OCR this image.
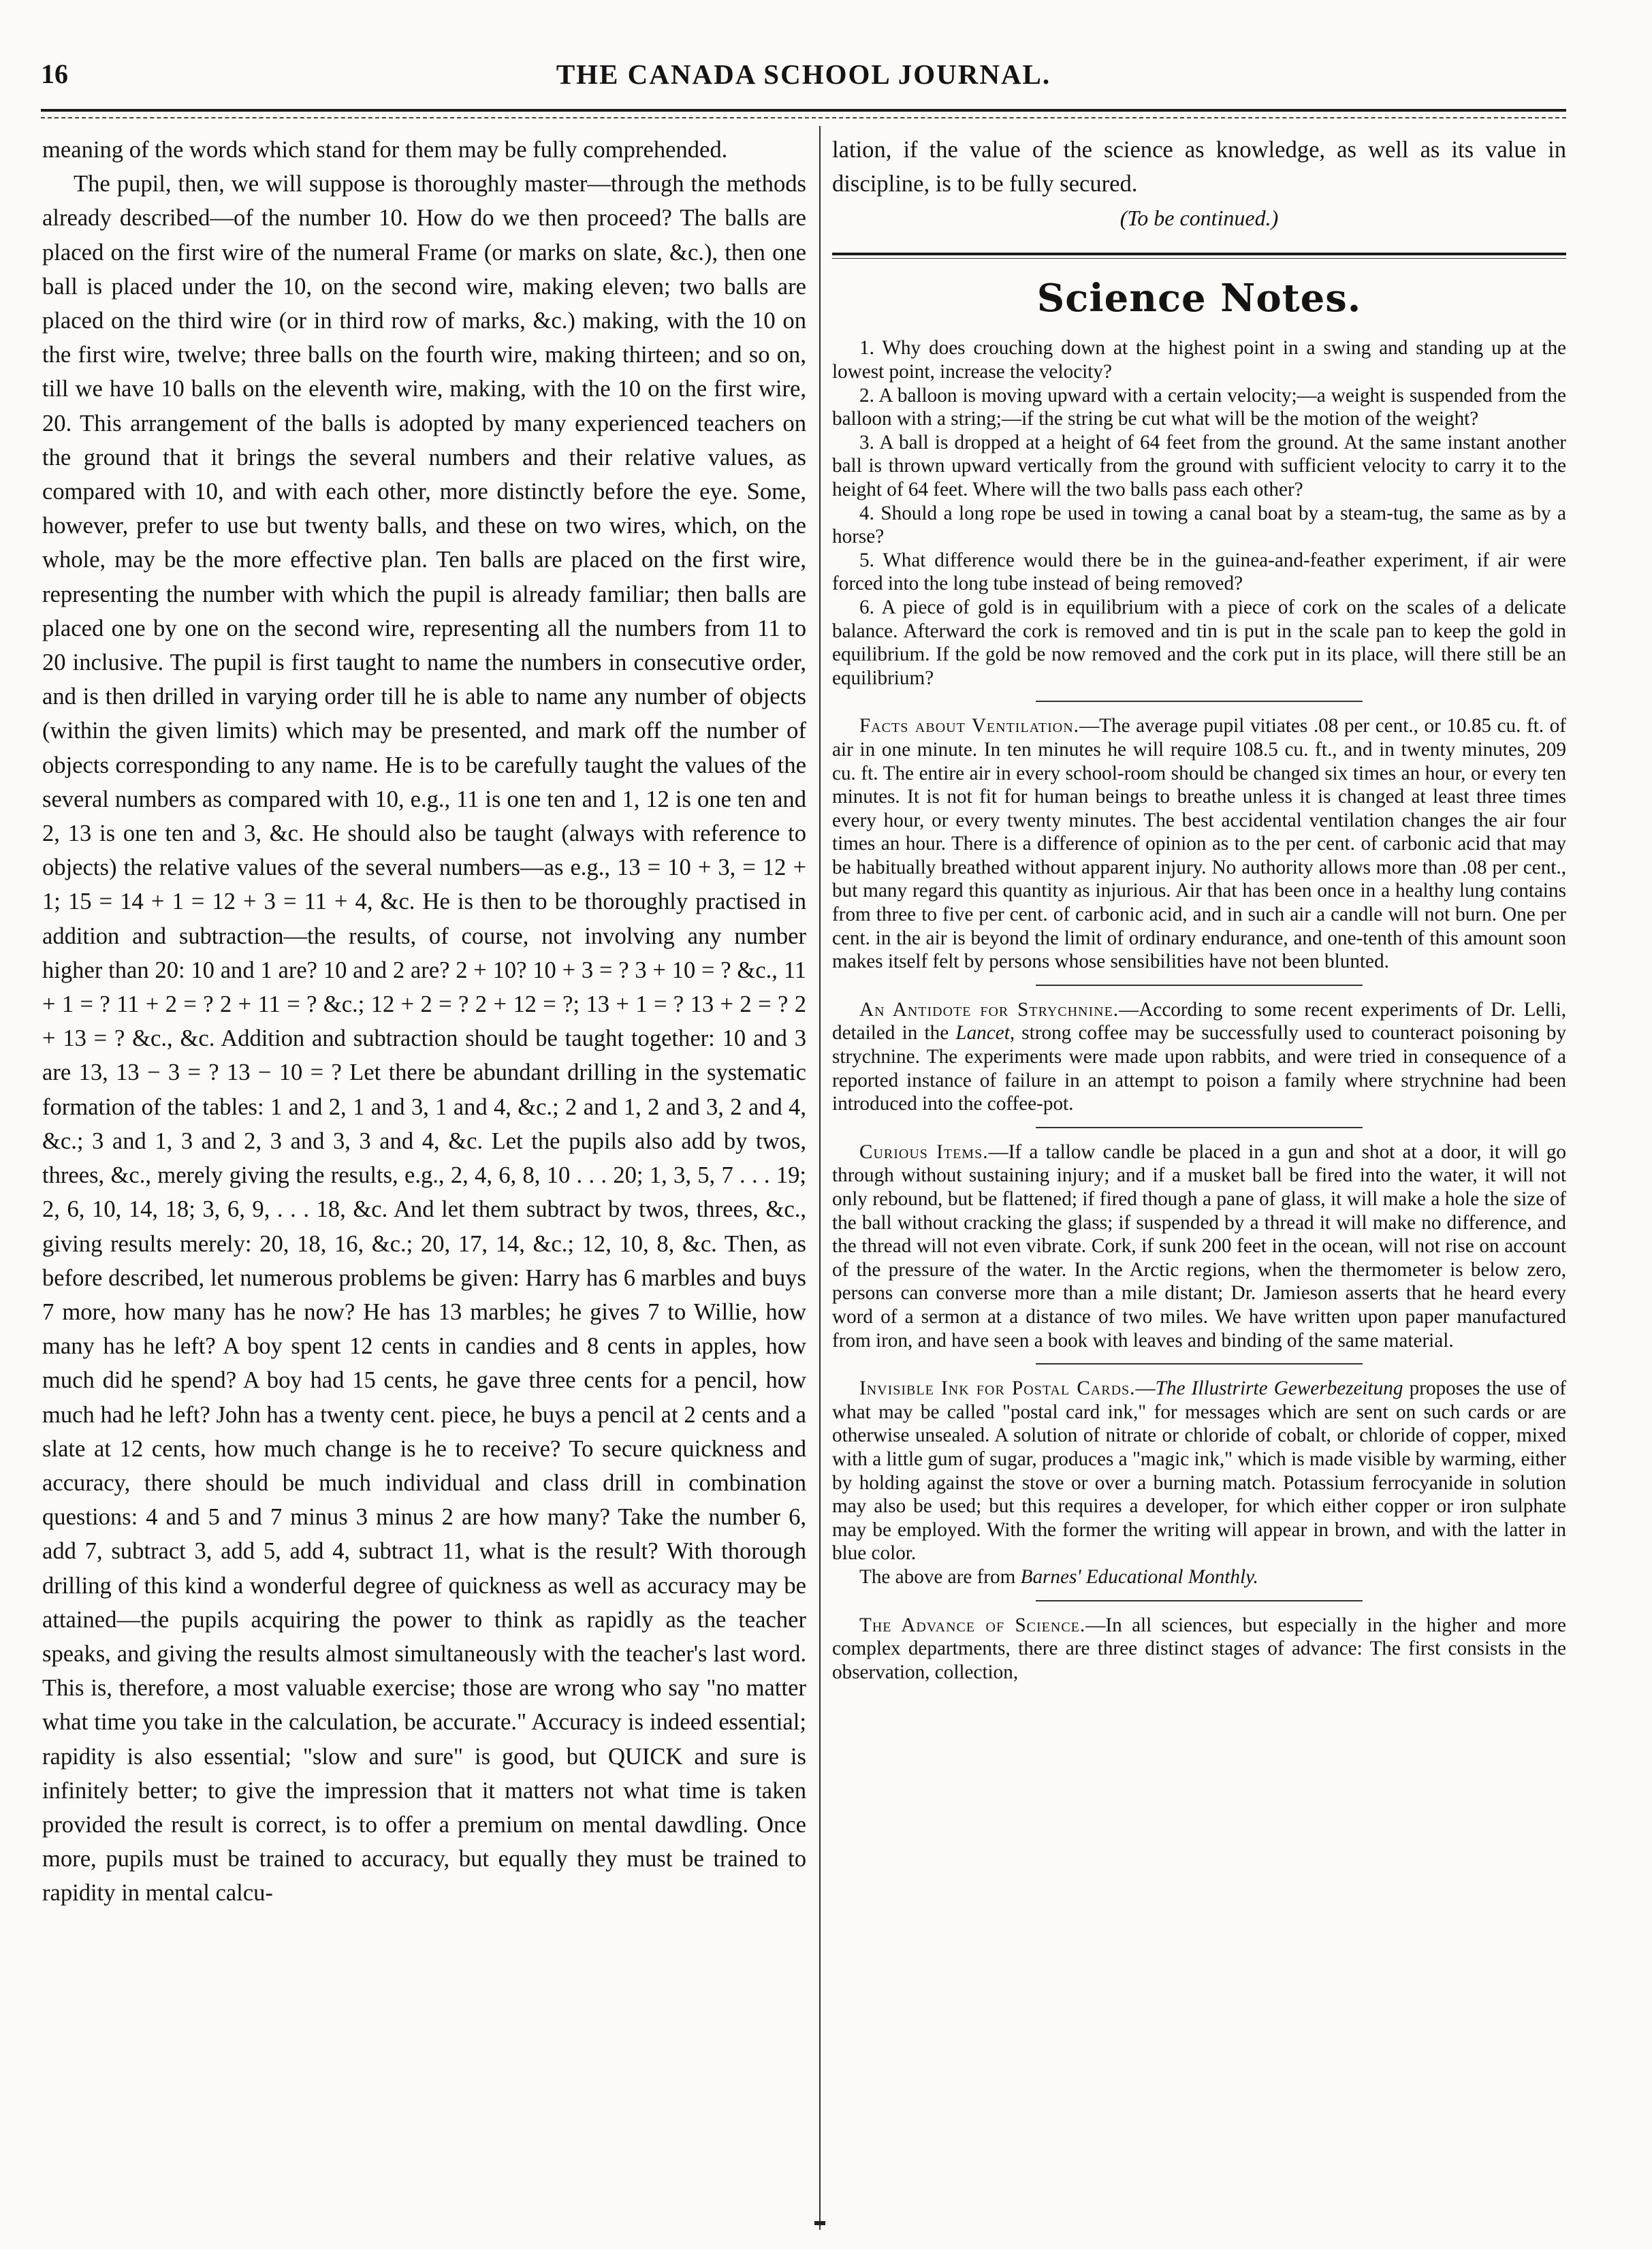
THE CANADA SCHOOL JOURNAL.
16

meaning of the words which stand for them may be fully comprehended.

The pupil, then, we will suppose is thoroughly master—through the methods already described—of the number 10. How do we then proceed? The balls are placed on the first wire of the numeral Frame (or marks on slate, &c.), then one ball is placed under the 10, on the second wire, making eleven; two balls are placed on the third wire (or in third row of marks, &c.) making, with the 10 on the first wire, twelve; three balls on the fourth wire, making thirteen; and so on, till we have 10 balls on the eleventh wire, making, with the 10 on the first wire, 20. This arrangement of the balls is adopted by many experienced teachers on the ground that it brings the several numbers and their relative values, as compared with 10, and with each other, more distinctly before the eye. Some, however, prefer to use but twenty balls, and these on two wires, which, on the whole, may be the more effective plan. Ten balls are placed on the first wire, representing the number with which the pupil is already familiar; then balls are placed one by one on the second wire, representing all the numbers from 11 to 20 inclusive. The pupil is first taught to name the numbers in consecutive order, and is then drilled in varying order till he is able to name any number of objects (within the given limits) which may be presented, and mark off the number of objects corresponding to any name. He is to be carefully taught the values of the several numbers as compared with 10, e.g., 11 is one ten and 1, 12 is one ten and 2, 13 is one ten and 3, &c. He should also be taught (always with reference to objects) the relative values of the several numbers—as e.g., 13 = 10 + 3, = 12 + 1; 15 = 14 + 1 = 12 + 3 = 11 + 4, &c. He is then to be thoroughly practised in addition and subtraction—the results, of course, not involving any number higher than 20: 10 and 1 are? 10 and 2 are? 2 + 10? 10 + 3 = ? 3 + 10 = ? &c., 11 + 1 = ? 11 + 2 = ? 2 + 11 = ? &c.; 12 + 2 = ? 2 + 12 = ?; 13 + 1 = ? 13 + 2 = ? 2 + 13 = ? &c., &c. Addition and subtraction should be taught together: 10 and 3 are 13, 13 − 3 = ? 13 − 10 = ? Let there be abundant drilling in the systematic formation of the tables: 1 and 2, 1 and 3, 1 and 4, &c.; 2 and 1, 2 and 3, 2 and 4, &c.; 3 and 1, 3 and 2, 3 and 3, 3 and 4, &c. Let the pupils also add by twos, threes, &c., merely giving the results, e.g., 2, 4, 6, 8, 10 . . . 20; 1, 3, 5, 7 . . . 19; 2, 6, 10, 14, 18; 3, 6, 9, . . . 18, &c. And let them subtract by twos, threes, &c., giving results merely: 20, 18, 16, &c.; 20, 17, 14, &c.; 12, 10, 8, &c. Then, as before described, let numerous problems be given: Harry has 6 marbles and buys 7 more, how many has he now? He has 13 marbles; he gives 7 to Willie, how many has he left? A boy spent 12 cents in candies and 8 cents in apples, how much did he spend? A boy had 15 cents, he gave three cents for a pencil, how much had he left? John has a twenty cent. piece, he buys a pencil at 2 cents and a slate at 12 cents, how much change is he to receive? To secure quickness and accuracy, there should be much individual and class drill in combination questions: 4 and 5 and 7 minus 3 minus 2 are how many? Take the number 6, add 7, subtract 3, add 5, add 4, subtract 11, what is the result? With thorough drilling of this kind a wonderful degree of quickness as well as accuracy may be attained—the pupils acquiring the power to think as rapidly as the teacher speaks, and giving the results almost simultaneously with the teacher's last word. This is, therefore, a most valuable exercise; those are wrong who say "no matter what time you take in the calculation, be accurate." Accuracy is indeed essential; rapidity is also essential; "slow and sure" is good, but QUICK and sure is infinitely better; to give the impression that it matters not what time is taken provided the result is correct, is to offer a premium on mental dawdling. Once more, pupils must be trained to accuracy, but equally they must be trained to rapidity in mental calcu-

lation, if the value of the science as knowledge, as well as its value in discipline, is to be fully secured.

(To be continued.)

Science Notes.

1. Why does crouching down at the highest point in a swing and standing up at the lowest point, increase the velocity?

2. A balloon is moving upward with a certain velocity;—a weight is suspended from the balloon with a string;—if the string be cut what will be the motion of the weight?

3. A ball is dropped at a height of 64 feet from the ground. At the same instant another ball is thrown upward vertically from the ground with sufficient velocity to carry it to the height of 64 feet. Where will the two balls pass each other?

4. Should a long rope be used in towing a canal boat by a steam-tug, the same as by a horse?

5. What difference would there be in the guinea-and-feather experiment, if air were forced into the long tube instead of being removed?

6. A piece of gold is in equilibrium with a piece of cork on the scales of a delicate balance. Afterward the cork is removed and tin is put in the scale pan to keep the gold in equilibrium. If the gold be now removed and the cork put in its place, will there still be an equilibrium?

Facts about Ventilation.—The average pupil vitiates .08 per cent., or 10.85 cu. ft. of air in one minute. In ten minutes he will require 108.5 cu. ft., and in twenty minutes, 209 cu. ft. The entire air in every school-room should be changed six times an hour, or every ten minutes. It is not fit for human beings to breathe unless it is changed at least three times every hour, or every twenty minutes. The best accidental ventilation changes the air four times an hour. There is a difference of opinion as to the per cent. of carbonic acid that may be habitually breathed without apparent injury. No authority allows more than .08 per cent., but many regard this quantity as injurious. Air that has been once in a healthy lung contains from three to five per cent. of carbonic acid, and in such air a candle will not burn. One per cent. in the air is beyond the limit of ordinary endurance, and one-tenth of this amount soon makes itself felt by persons whose sensibilities have not been blunted.

An Antidote for Strychnine.—According to some recent experiments of Dr. Lelli, detailed in the Lancet, strong coffee may be successfully used to counteract poisoning by strychnine. The experiments were made upon rabbits, and were tried in consequence of a reported instance of failure in an attempt to poison a family where strychnine had been introduced into the coffee-pot.

Curious Items.—If a tallow candle be placed in a gun and shot at a door, it will go through without sustaining injury; and if a musket ball be fired into the water, it will not only rebound, but be flattened; if fired though a pane of glass, it will make a hole the size of the ball without cracking the glass; if suspended by a thread it will make no difference, and the thread will not even vibrate. Cork, if sunk 200 feet in the ocean, will not rise on account of the pressure of the water. In the Arctic regions, when the thermometer is below zero, persons can converse more than a mile distant; Dr. Jamieson asserts that he heard every word of a sermon at a distance of two miles. We have written upon paper manufactured from iron, and have seen a book with leaves and binding of the same material.

Invisible Ink for Postal Cards.—The Illustrirte Gewerbezeitung proposes the use of what may be called "postal card ink," for messages which are sent on such cards or are otherwise unsealed. A solution of nitrate or chloride of cobalt, or chloride of copper, mixed with a little gum of sugar, produces a "magic ink," which is made visible by warming, either by holding against the stove or over a burning match. Potassium ferrocyanide in solution may also be used; but this requires a developer, for which either copper or iron sulphate may be employed. With the former the writing will appear in brown, and with the latter in blue color.

The above are from Barnes' Educational Monthly.

The Advance of Science.—In all sciences, but especially in the higher and more complex departments, there are three distinct stages of advance: The first consists in the observation, collection,
